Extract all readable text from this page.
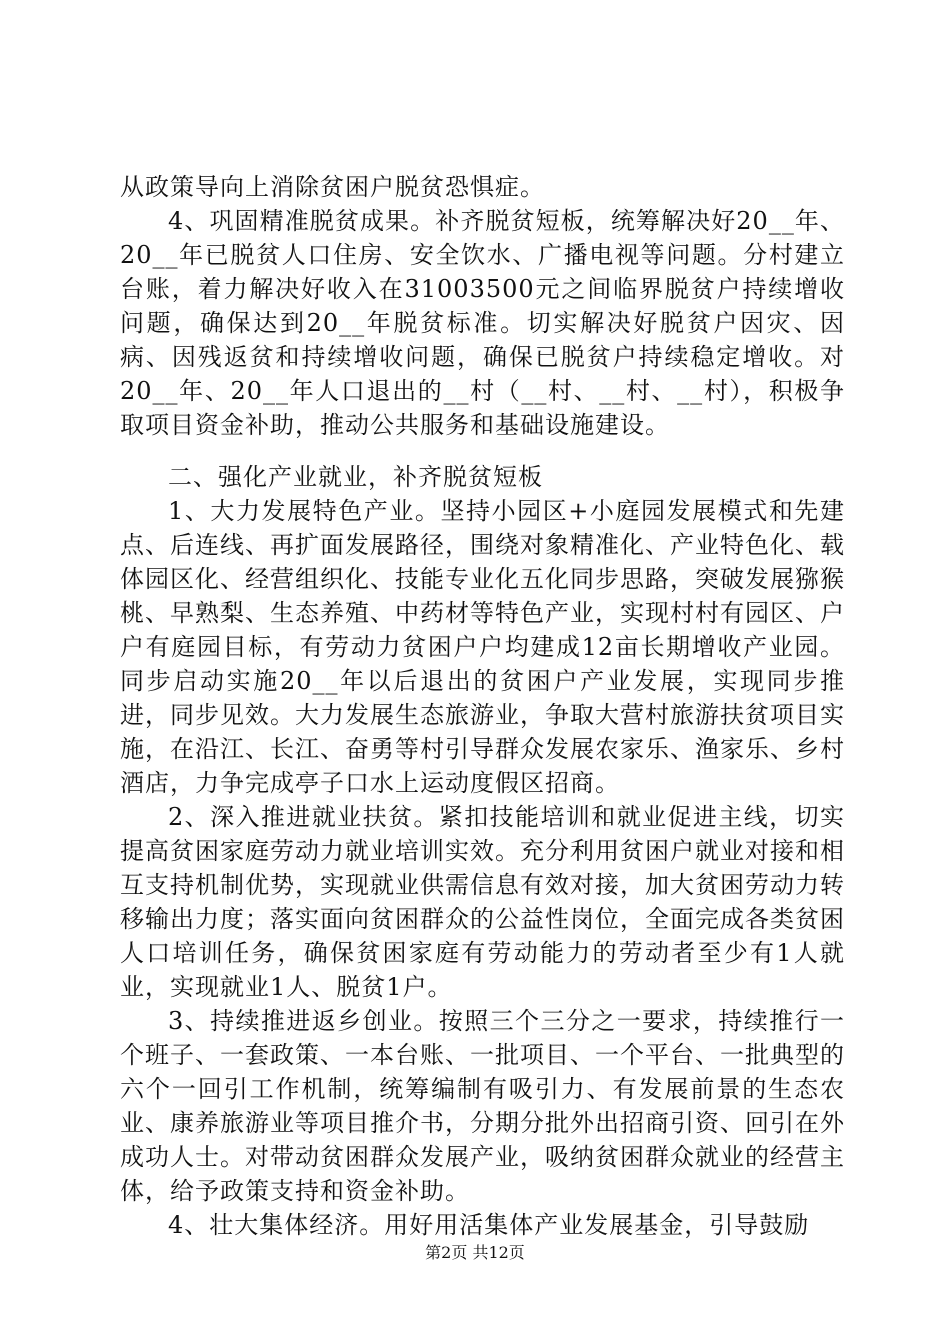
从政策导向上消除贫困户脱贫恐惧症。

4、巩固精准脱贫成果。补齐脱贫短板，统筹解决好20__年、20__年已脱贫人口住房、安全饮水、广播电视等问题。分村建立台账，着力解决好收入在31003500元之间临界脱贫户持续增收问题，确保达到20__年脱贫标准。切实解决好脱贫户因灾、因病、因残返贫和持续增收问题，确保已脱贫户持续稳定增收。对20__年、20__年人口退出的__村（__村、__村、__村），积极争取项目资金补助，推动公共服务和基础设施建设。

二、强化产业就业，补齐脱贫短板

1、大力发展特色产业。坚持小园区+小庭园发展模式和先建点、后连线、再扩面发展路径，围绕对象精准化、产业特色化、载体园区化、经营组织化、技能专业化五化同步思路，突破发展猕猴桃、早熟梨、生态养殖、中药材等特色产业，实现村村有园区、户户有庭园目标，有劳动力贫困户户均建成12亩长期增收产业园。同步启动实施20__年以后退出的贫困户产业发展，实现同步推进，同步见效。大力发展生态旅游业，争取大营村旅游扶贫项目实施，在沿江、长江、奋勇等村引导群众发展农家乐、渔家乐、乡村酒店，力争完成亭子口水上运动度假区招商。

2、深入推进就业扶贫。紧扣技能培训和就业促进主线，切实提高贫困家庭劳动力就业培训实效。充分利用贫困户就业对接和相互支持机制优势，实现就业供需信息有效对接，加大贫困劳动力转移输出力度；落实面向贫困群众的公益性岗位，全面完成各类贫困人口培训任务，确保贫困家庭有劳动能力的劳动者至少有1人就业，实现就业1人、脱贫1户。

3、持续推进返乡创业。按照三个三分之一要求，持续推行一个班子、一套政策、一本台账、一批项目、一个平台、一批典型的六个一回引工作机制，统筹编制有吸引力、有发展前景的生态农业、康养旅游业等项目推介书，分期分批外出招商引资、回引在外成功人士。对带动贫困群众发展产业，吸纳贫困群众就业的经营主体，给予政策支持和资金补助。

4、壮大集体经济。用好用活集体产业发展基金，引导鼓励

第2页 共12页
